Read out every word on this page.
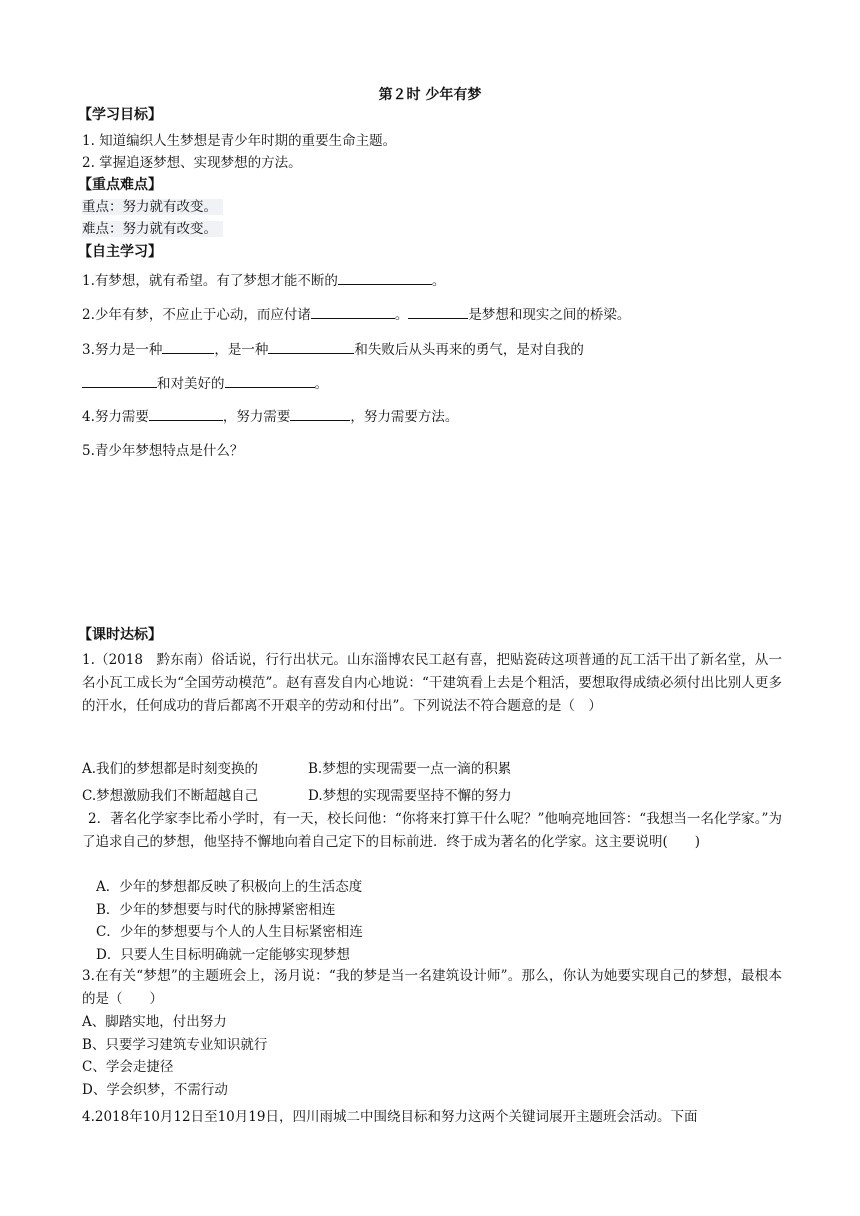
第２时 少年有梦
【学习目标】
1. 知道编织人生梦想是青少年时期的重要生命主题。
2. 掌握追逐梦想、实现梦想的方法。
【重点难点】
重点：努力就有改变。
难点：努力就有改变。
【自主学习】
1.有梦想，就有希望。有了梦想才能不断的	。
2.少年有梦，不应止于心动，而应付诸	。	是梦想和现实之间的桥梁。
3.努力是一种	，是一种	和失败后从头再来的勇气，是对自我的
和对美好的	。
4.努力需要	，努力需要	，努力需要方法。
5.青少年梦想特点是什么？
【课时达标】
1.（2018　黔东南）俗话说，行行出状元。山东淄博农民工赵有喜，把贴瓷砖这项普通的瓦工活干出了新名堂，从一名小瓦工成长为“全国劳动模范”。赵有喜发自内心地说：“干建筑看上去是个粗活，要想取得成绩必须付出比别人更多的汗水，任何成功的背后都离不开艰辛的劳动和付出”。下列说法不符合题意的是（　）
A.我们的梦想都是时刻变换的	B.梦想的实现需要一点一滴的积累
C.梦想激励我们不断超越自己	D.梦想的实现需要坚持不懈的努力
2．著名化学家李比希小学时，有一天，校长问他：“你将来打算干什么呢？”他响亮地回答：“我想当一名化学家。”为了追求自己的梦想，他坚持不懈地向着自己定下的目标前进．终于成为著名的化学家。这主要说明(　　)
A．少年的梦想都反映了积极向上的生活态度
B．少年的梦想要与时代的脉搏紧密相连
C．少年的梦想要与个人的人生目标紧密相连
D．只要人生目标明确就一定能够实现梦想
3.在有关“梦想”的主题班会上，汤月说：“我的梦是当一名建筑设计师”。那么，你认为她要实现自己的梦想，最根本的是（　　）
A、脚踏实地，付出努力
B、只要学习建筑专业知识就行
C、学会走捷径
D、学会织梦，不需行动
4.2018年10月12日至10月19日，四川雨城二中围绕目标和努力这两个关键词展开主题班会活动。下面
